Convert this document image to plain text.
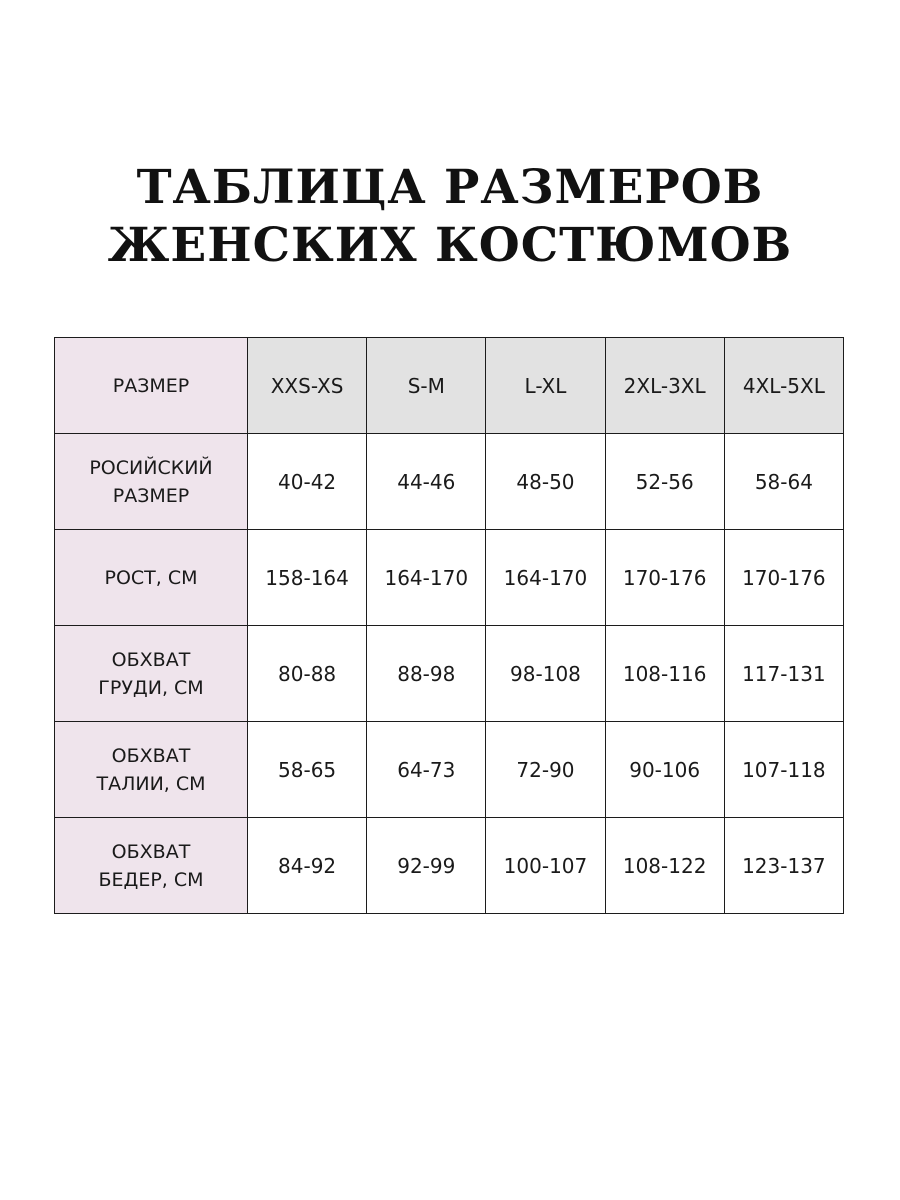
ТАБЛИЦА РАЗМЕРОВ
ЖЕНСКИХ КОСТЮМОВ
РАЗМЕР	XXS-XS	S-M	L-XL	2XL-3XL	4XL-5XL
РОСИЙСКИЙ
РАЗМЕР	40-42	44-46	48-50	52-56	58-64
РОСТ, СМ	158-164	164-170	164-170	170-176	170-176
ОБХВАТ
ГРУДИ, СМ	80-88	88-98	98-108	108-116	117-131
ОБХВАТ
ТАЛИИ, СМ	58-65	64-73	72-90	90-106	107-118
ОБХВАТ
БЕДЕР, СМ	84-92	92-99	100-107	108-122	123-137
